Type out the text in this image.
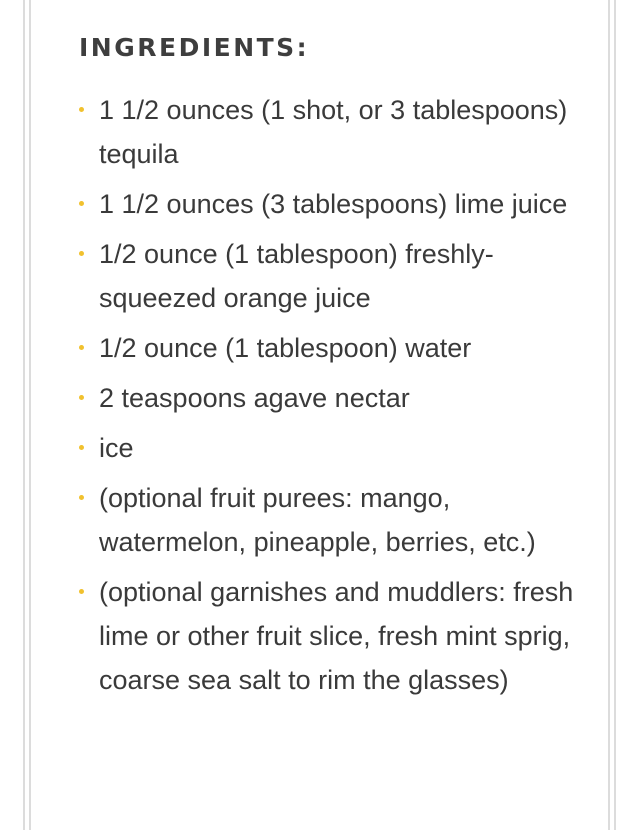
INGREDIENTS:
1 1/2 ounces (1 shot, or 3 tablespoons) tequila
1 1/2 ounces (3 tablespoons) lime juice
1/2 ounce (1 tablespoon) freshly-squeezed orange juice
1/2 ounce (1 tablespoon) water
2 teaspoons agave nectar
ice
(optional fruit purees: mango, watermelon, pineapple, berries, etc.)
(optional garnishes and muddlers: fresh lime or other fruit slice, fresh mint sprig, coarse sea salt to rim the glasses)
